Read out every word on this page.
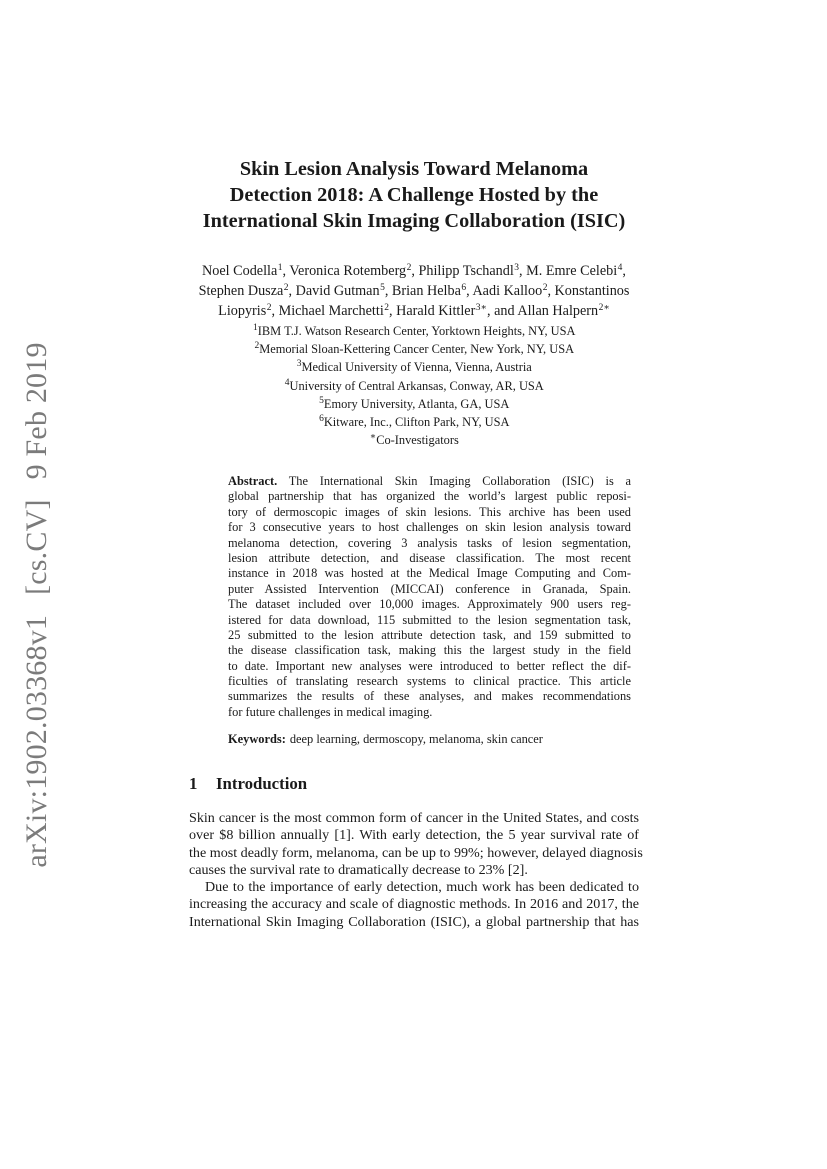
arXiv:1902.03368v1[cs.CV]9 Feb 2019
Skin Lesion Analysis Toward Melanoma
Detection 2018: A Challenge Hosted by the
International Skin Imaging Collaboration (ISIC)
Noel Codella$^1$, Veronica Rotemberg$^2$, Philipp Tschandl$^3$, M. Emre Celebi$^4$,
Stephen Dusza$^2$, David Gutman$^5$, Brian Helba$^6$, Aadi Kalloo$^2$, Konstantinos
Liopyris$^2$, Michael Marchetti$^2$, Harald Kittler$^{3∗}$, and Allan Halpern$^{2∗}$
$^1$IBM T.J. Watson Research Center, Yorktown Heights, NY, USA
$^2$Memorial Sloan-Kettering Cancer Center, New York, NY, USA
$^3$Medical University of Vienna, Vienna, Austria
$^4$University of Central Arkansas, Conway, AR, USA
$^5$Emory University, Atlanta, GA, USA
$^6$Kitware, Inc., Clifton Park, NY, USA
∗Co-Investigators
Abstract. The International Skin Imaging Collaboration (ISIC) is a
global partnership that has organized the world’s largest public reposi-
tory of dermoscopic images of skin lesions. This archive has been used
for 3 consecutive years to host challenges on skin lesion analysis toward
melanoma detection, covering 3 analysis tasks of lesion segmentation,
lesion attribute detection, and disease classification. The most recent
instance in 2018 was hosted at the Medical Image Computing and Com-
puter Assisted Intervention (MICCAI) conference in Granada, Spain.
The dataset included over 10,000 images. Approximately 900 users reg-
istered for data download, 115 submitted to the lesion segmentation task,
25 submitted to the lesion attribute detection task, and 159 submitted to
the disease classification task, making this the largest study in the field
to date. Important new analyses were introduced to better reflect the dif-
ficulties of translating research systems to clinical practice. This article
summarizes the results of these analyses, and makes recommendations
for future challenges in medical imaging.
Keywords: deep learning, dermoscopy, melanoma, skin cancer
1 Introduction
Skin cancer is the most common form of cancer in the United States, and costs
over $8 billion annually [1]. With early detection, the 5 year survival rate of
the most deadly form, melanoma, can be up to 99%; however, delayed diagnosis
causes the survival rate to dramatically decrease to 23% [2].
Due to the importance of early detection, much work has been dedicated to
increasing the accuracy and scale of diagnostic methods. In 2016 and 2017, the
International Skin Imaging Collaboration (ISIC), a global partnership that has
